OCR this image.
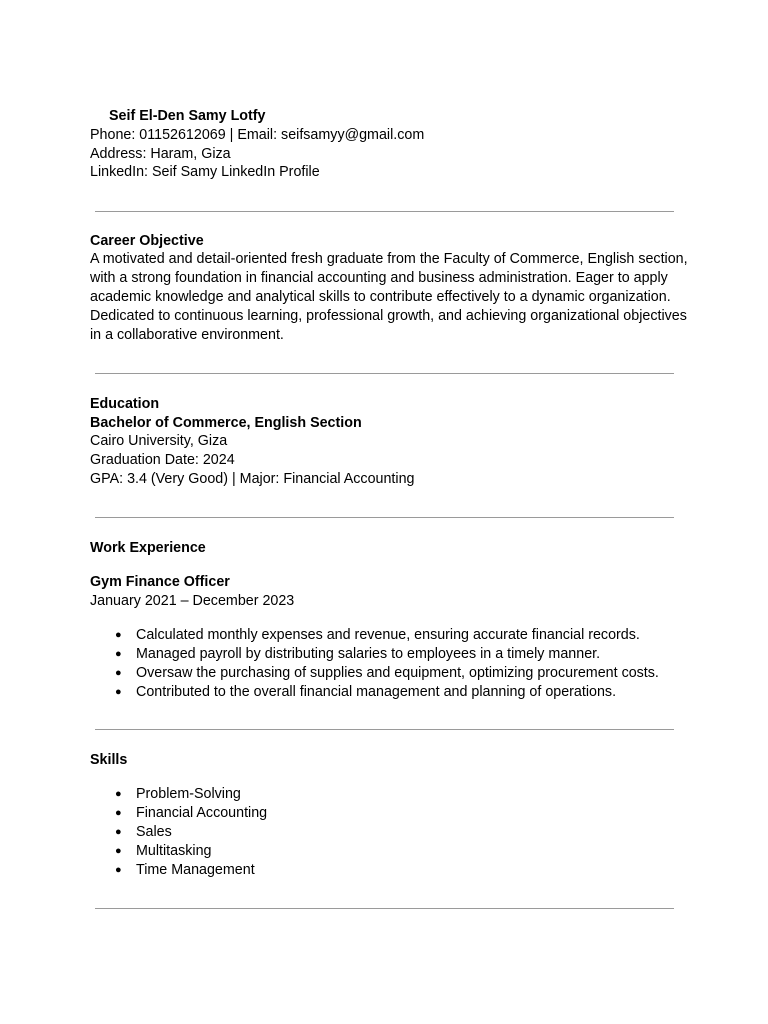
Seif El-Den Samy Lotfy
Phone: 01152612069 | Email: seifsamyy@gmail.com
Address: Haram, Giza
LinkedIn: Seif Samy LinkedIn Profile
Career Objective
A motivated and detail-oriented fresh graduate from the Faculty of Commerce, English section,
with a strong foundation in financial accounting and business administration. Eager to apply
academic knowledge and analytical skills to contribute effectively to a dynamic organization.
Dedicated to continuous learning, professional growth, and achieving organizational objectives
in a collaborative environment.
Education
Bachelor of Commerce, English Section
Cairo University, Giza
Graduation Date: 2024
GPA: 3.4 (Very Good) | Major: Financial Accounting
Work Experience
Gym Finance Officer
January 2021 – December 2023
● Calculated monthly expenses and revenue, ensuring accurate financial records.
● Managed payroll by distributing salaries to employees in a timely manner.
● Oversaw the purchasing of supplies and equipment, optimizing procurement costs.
● Contributed to the overall financial management and planning of operations.
Skills
● Problem-Solving
● Financial Accounting
● Sales
● Multitasking
● Time Management
